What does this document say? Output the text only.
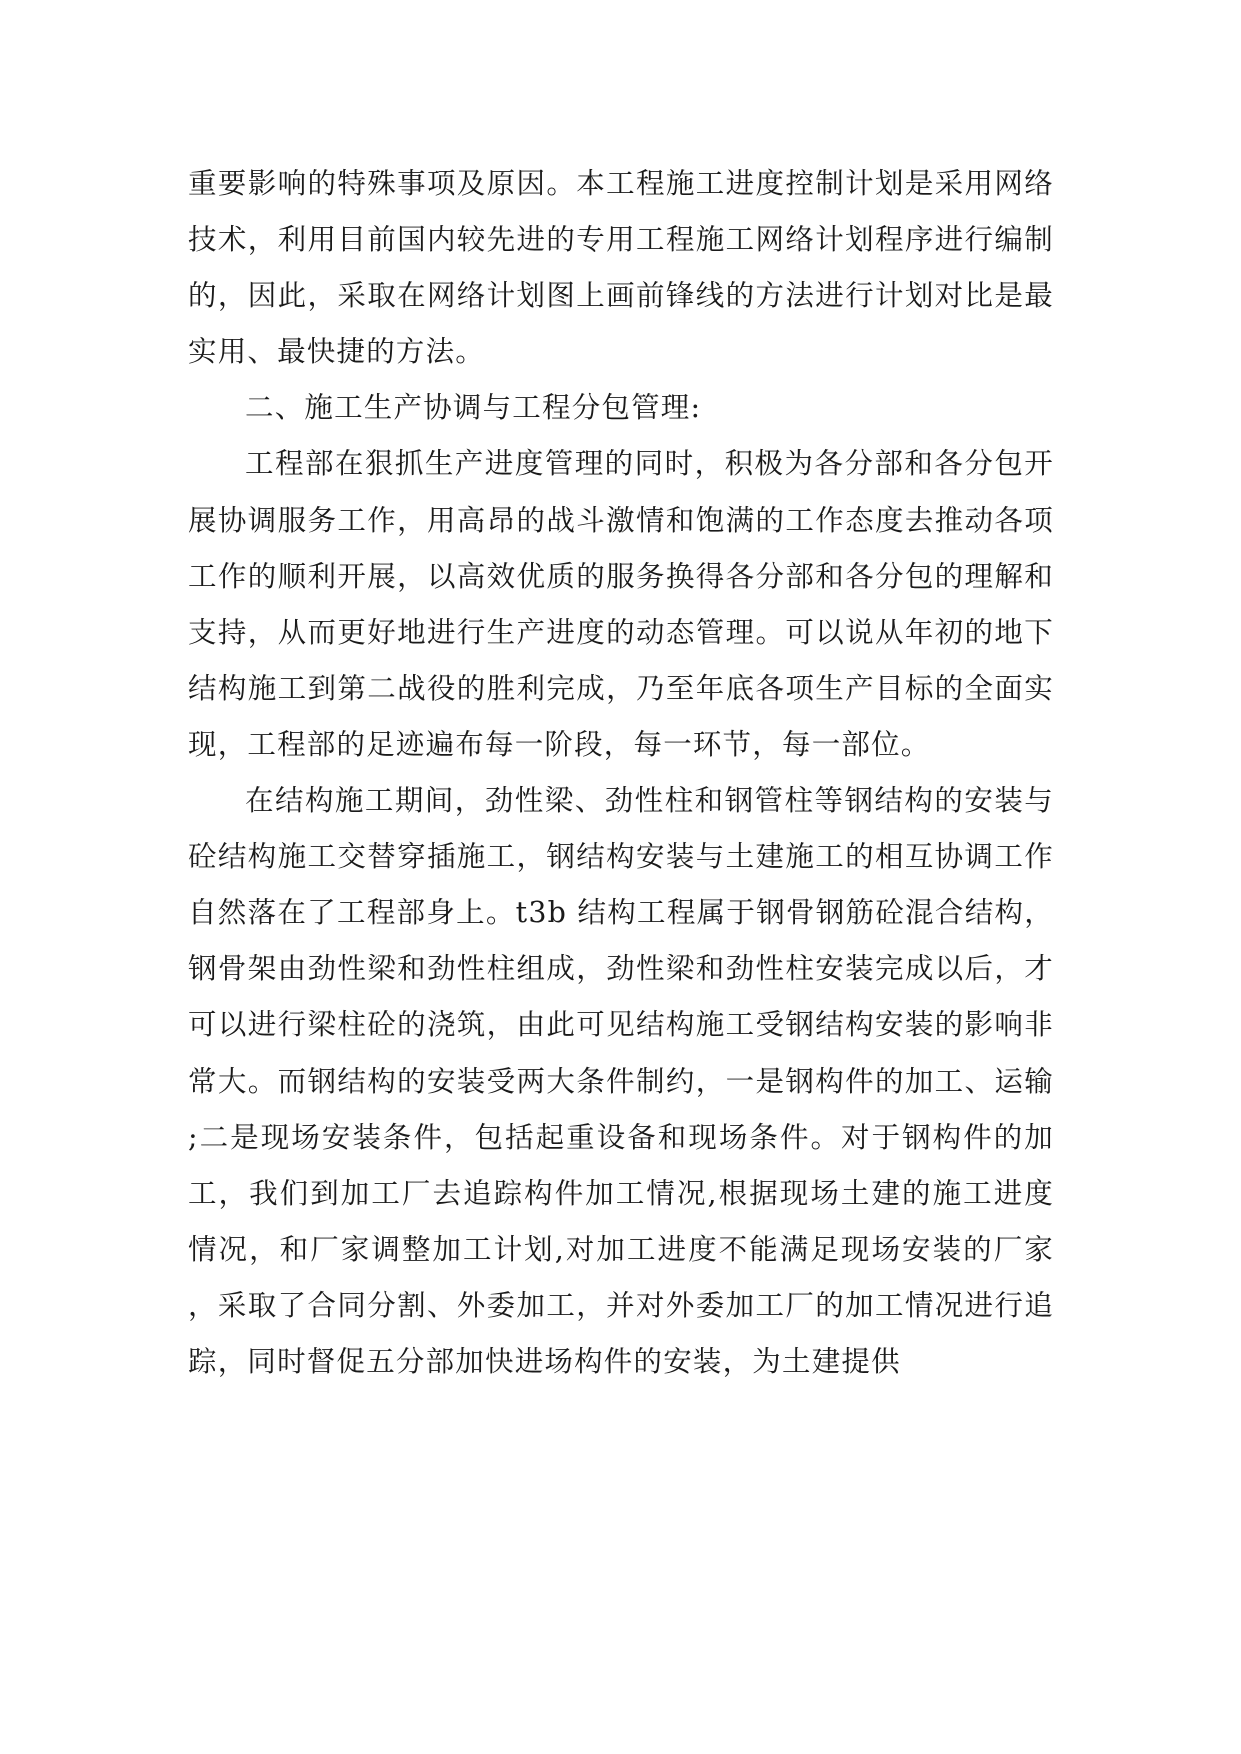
重要影响的特殊事项及原因。本工程施工进度控制计划是采用网络技术，利用目前国内较先进的专用工程施工网络计划程序进行编制的，因此，采取在网络计划图上画前锋线的方法进行计划对比是最实用、最快捷的方法。

二、施工生产协调与工程分包管理:

工程部在狠抓生产进度管理的同时，积极为各分部和各分包开展协调服务工作，用高昂的战斗激情和饱满的工作态度去推动各项工作的顺利开展，以高效优质的服务换得各分部和各分包的理解和支持，从而更好地进行生产进度的动态管理。可以说从年初的地下结构施工到第二战役的胜利完成，乃至年底各项生产目标的全面实现，工程部的足迹遍布每一阶段，每一环节，每一部位。

在结构施工期间，劲性梁、劲性柱和钢管柱等钢结构的安装与砼结构施工交替穿插施工，钢结构安装与土建施工的相互协调工作自然落在了工程部身上。t3b 结构工程属于钢骨钢筋砼混合结构，钢骨架由劲性梁和劲性柱组成，劲性梁和劲性柱安装完成以后，才可以进行梁柱砼的浇筑，由此可见结构施工受钢结构安装的影响非常大。而钢结构的安装受两大条件制约，一是钢构件的加工、运输;二是现场安装条件，包括起重设备和现场条件。对于钢构件的加工，我们到加工厂去追踪构件加工情况,根据现场土建的施工进度情况，和厂家调整加工计划,对加工进度不能满足现场安装的厂家，采取了合同分割、外委加工，并对外委加工厂的加工情况进行追踪，同时督促五分部加快进场构件的安装，为土建提供
